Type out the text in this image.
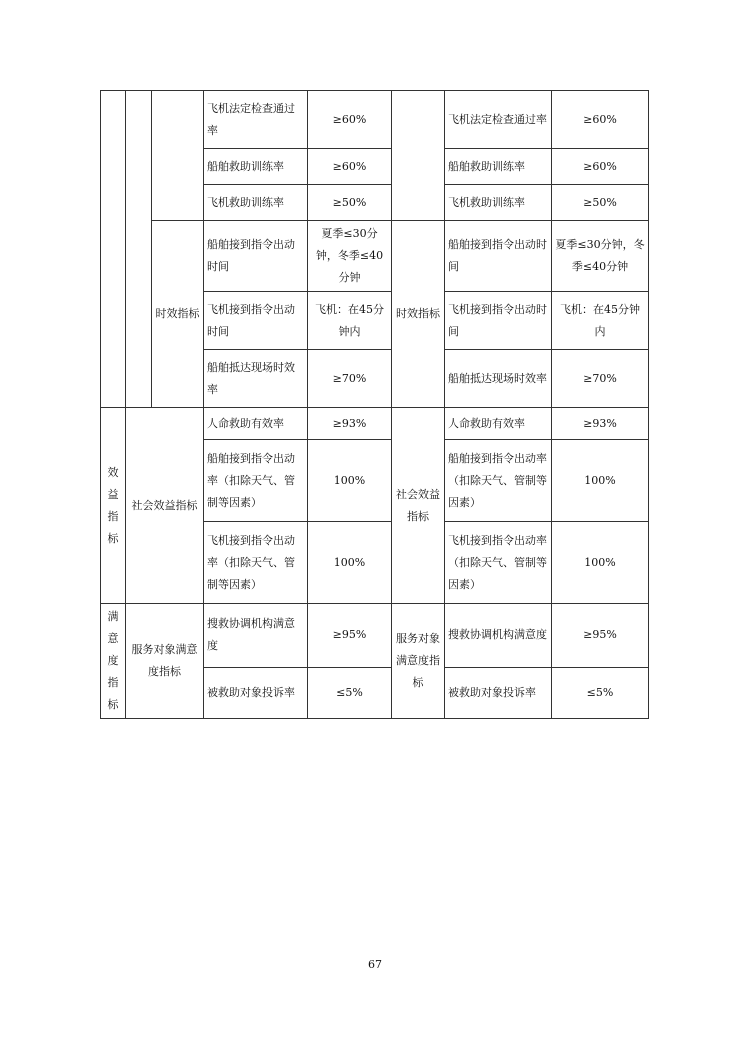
			飞机法定检查通过率	≥60%		飞机法定检查通过率	≥60%
			船舶救助训练率	≥60%		船舶救助训练率	≥60%
			飞机救助训练率	≥50%		飞机救助训练率	≥50%
		时效指标	船舶接到指令出动时间	夏季≤30分钟，冬季≤40分钟	时效指标	船舶接到指令出动时间	夏季≤30分钟，冬季≤40分钟
			飞机接到指令出动时间	飞机：在45分钟内		飞机接到指令出动时间	飞机：在45分钟内
			船舶抵达现场时效率	≥70%		船舶抵达现场时效率	≥70%
效益指标	社会效益指标		人命救助有效率	≥93%	社会效益指标	人命救助有效率	≥93%
			船舶接到指令出动率（扣除天气、管制等因素）	100%		船舶接到指令出动率（扣除天气、管制等因素）	100%
			飞机接到指令出动率（扣除天气、管制等因素）	100%		飞机接到指令出动率（扣除天气、管制等因素）	100%
满意度指标	服务对象满意度指标		搜救协调机构满意度	≥95%	服务对象满意度指标	搜救协调机构满意度	≥95%
			被救助对象投诉率	≤5%		被救助对象投诉率	≤5%
67
